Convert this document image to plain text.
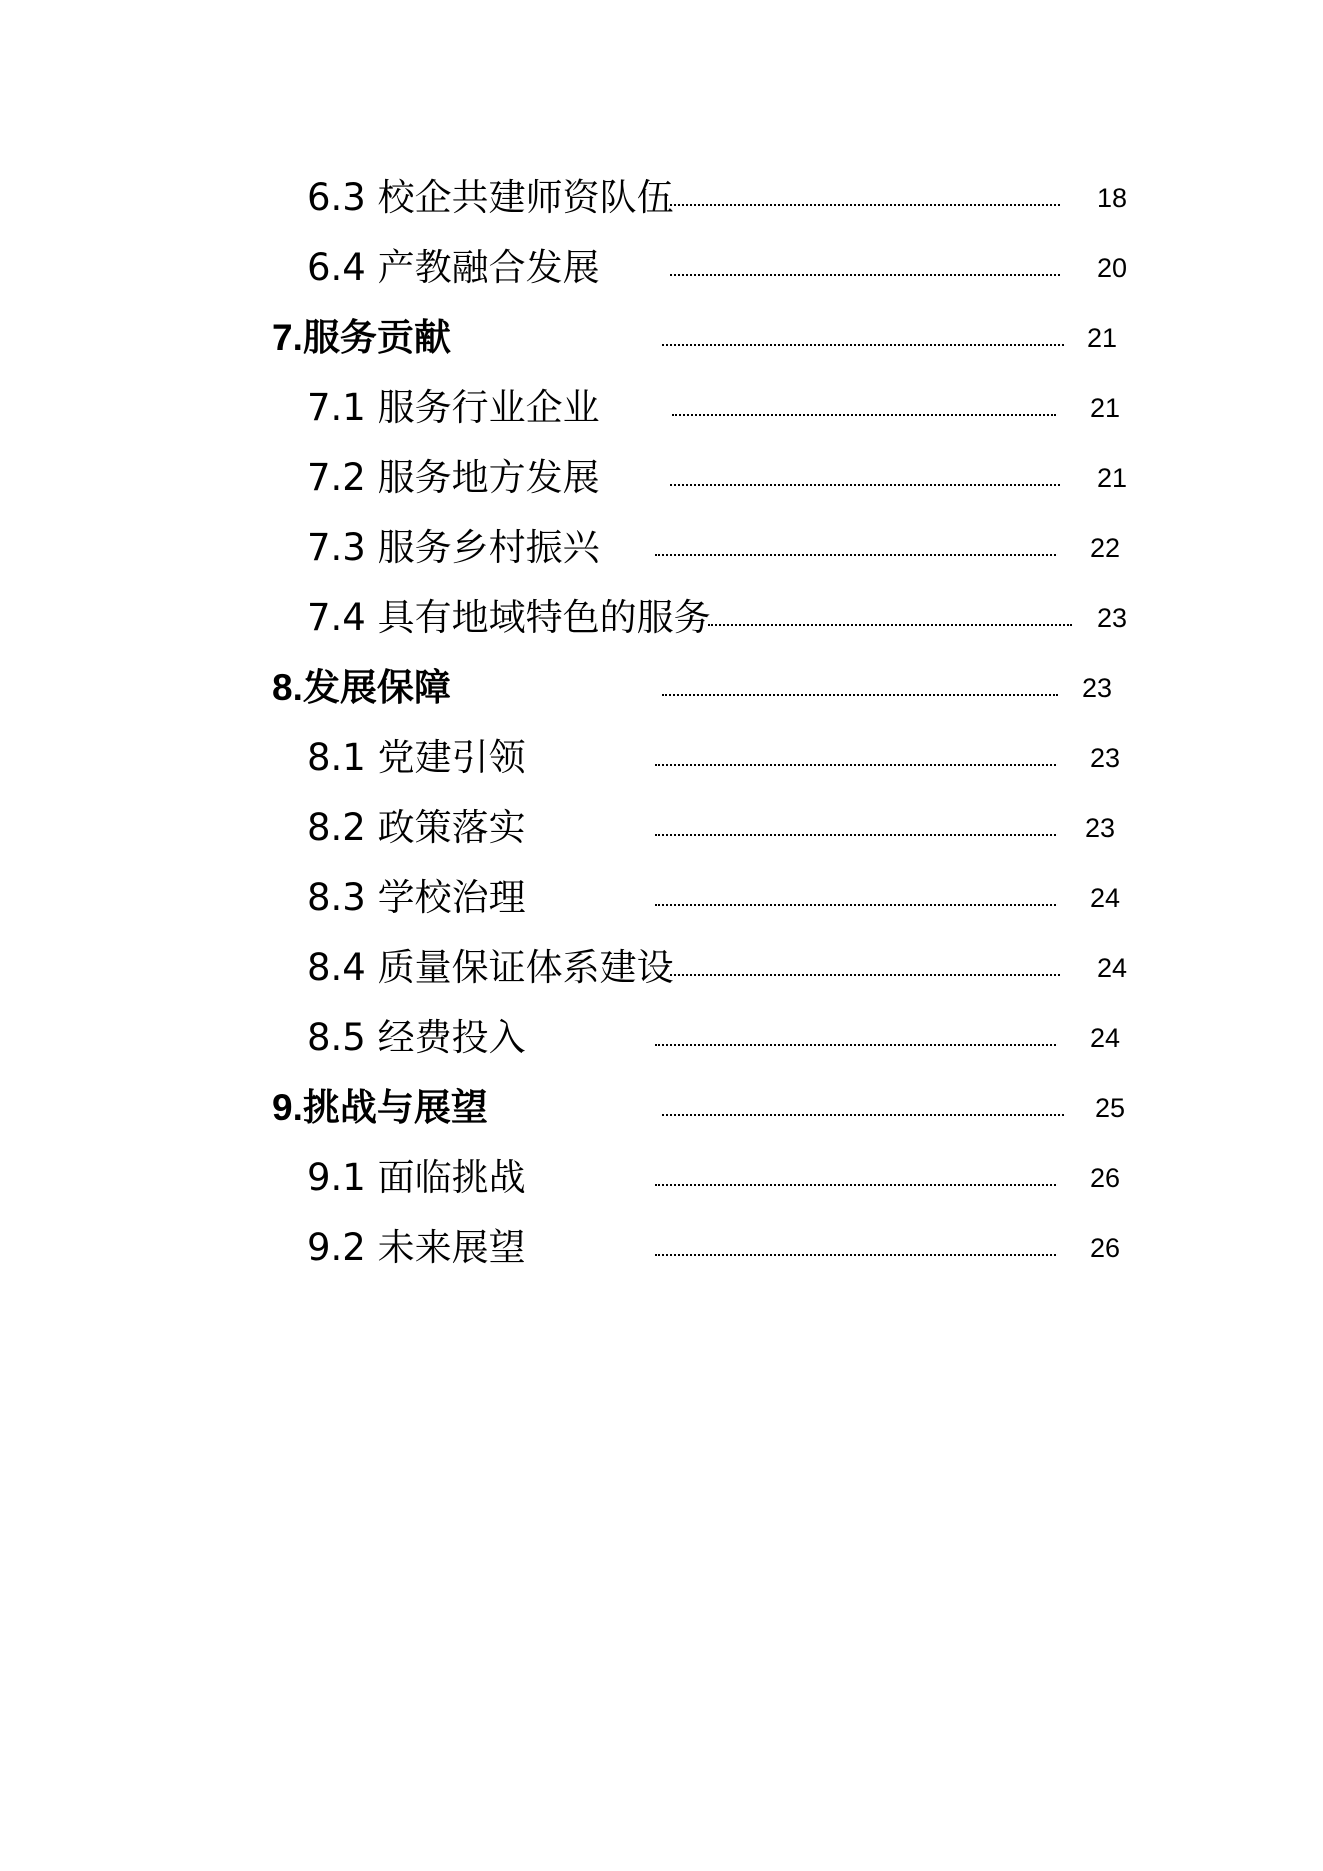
6.3 校企共建师资队伍	18
6.4 产教融合发展	20
7.服务贡献	21
7.1 服务行业企业	21
7.2 服务地方发展	21
7.3 服务乡村振兴	22
7.4 具有地域特色的服务	23
8.发展保障	23
8.1 党建引领	23
8.2 政策落实	23
8.3 学校治理	24
8.4 质量保证体系建设	24
8.5 经费投入	24
9.挑战与展望	25
9.1 面临挑战	26
9.2 未来展望	26
